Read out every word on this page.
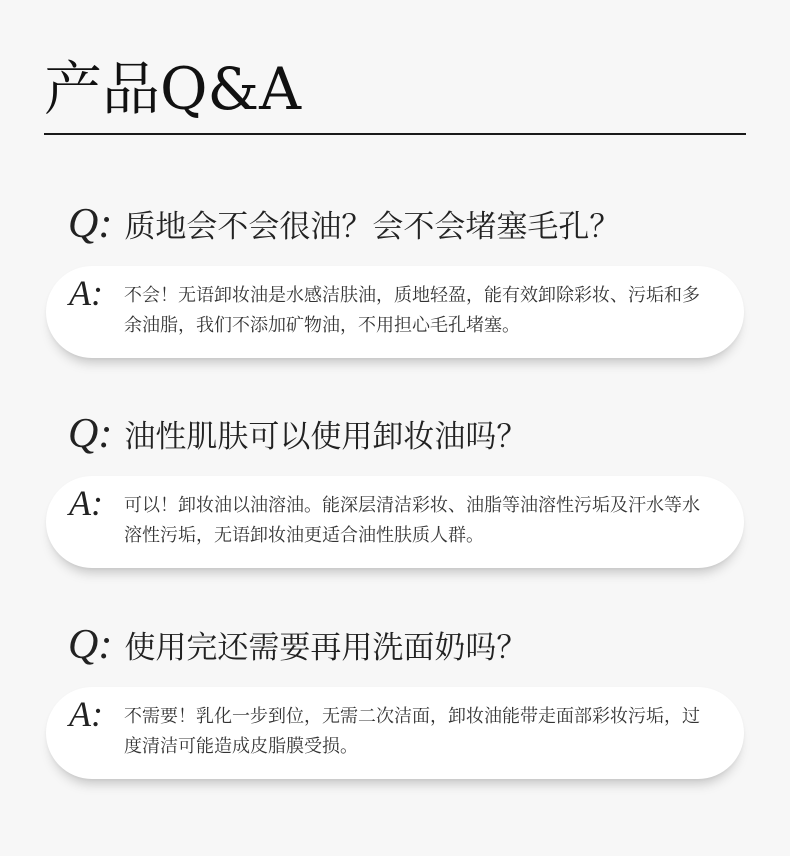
产品Q&A
Q: 质地会不会很油？会不会堵塞毛孔？
A: 不会！无语卸妆油是水感洁肤油，质地轻盈，能有效卸除彩妆、污垢和多余油脂，我们不添加矿物油，不用担心毛孔堵塞。

Q: 油性肌肤可以使用卸妆油吗？
A: 可以！卸妆油以油溶油。能深层清洁彩妆、油脂等油溶性污垢及汗水等水溶性污垢，无语卸妆油更适合油性肤质人群。

Q: 使用完还需要再用洗面奶吗？
A: 不需要！乳化一步到位，无需二次洁面，卸妆油能带走面部彩妆污垢，过度清洁可能造成皮脂膜受损。
